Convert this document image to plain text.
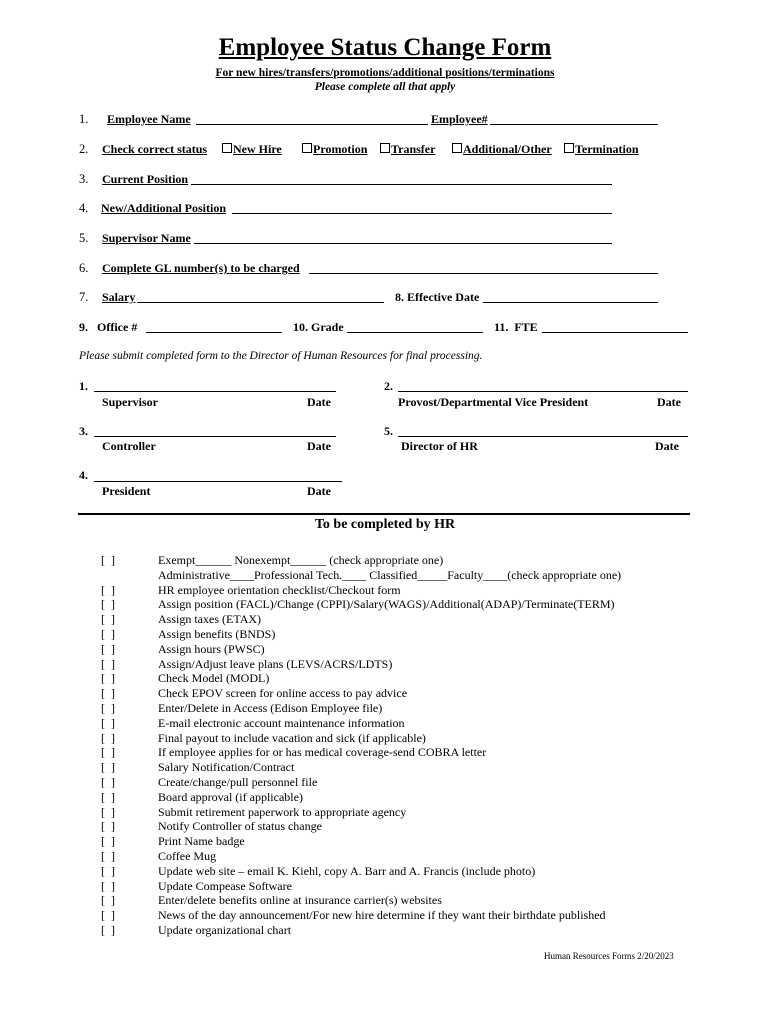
Employee Status Change Form
For new hires/transfers/promotions/additional positions/terminations
Please complete all that apply
1. Employee Name	Employee#
2. Check correct status	New Hire	Promotion	Transfer	Additional/Other	Termination
3. Current Position
4. New/Additional Position
5. Supervisor Name
6. Complete GL number(s) to be charged
7. Salary	8. Effective Date
9.   Office #	10. Grade	11.  FTE
Please submit completed form to the Director of Human Resources for final processing.
1.
Supervisor	Date
2.
Provost/Departmental Vice President	Date
3.
Controller	Date
5.
Director of HR	Date
4.
President	Date
To be completed by HR
[  ]	Exempt______ Nonexempt______ (check appropriate one)
Administrative____Professional Tech.____ Classified_____Faculty____(check appropriate one)
[  ]	HR employee orientation checklist/Checkout form
[  ]	Assign position (FACL)/Change (CPPI)/Salary(WAGS)/Additional(ADAP)/Terminate(TERM)
[  ]	Assign taxes (ETAX)
[  ]	Assign benefits (BNDS)
[  ]	Assign hours (PWSC)
[  ]	Assign/Adjust leave plans (LEVS/ACRS/LDTS)
[  ]	Check Model (MODL)
[  ]	Check EPOV screen for online access to pay advice
[  ]	Enter/Delete in Access (Edison Employee file)
[  ]	E-mail electronic account maintenance information
[  ]	Final payout to include vacation and sick (if applicable)
[  ]	If employee applies for or has medical coverage-send COBRA letter
[  ]	Salary Notification/Contract
[  ]	Create/change/pull personnel file
[  ]	Board approval (if applicable)
[  ]	Submit retirement paperwork to appropriate agency
[  ]	Notify Controller of status change
[  ]	Print Name badge
[  ]	Coffee Mug
[  ]	Update web site – email K. Kiehl, copy A. Barr and A. Francis (include photo)
[  ]	Update Compease Software
[  ]	Enter/delete benefits online at insurance carrier(s) websites
[  ]	News of the day announcement/For new hire determine if they want their birthdate published
[  ]	Update organizational chart
Human Resources Forms 2/20/2023
